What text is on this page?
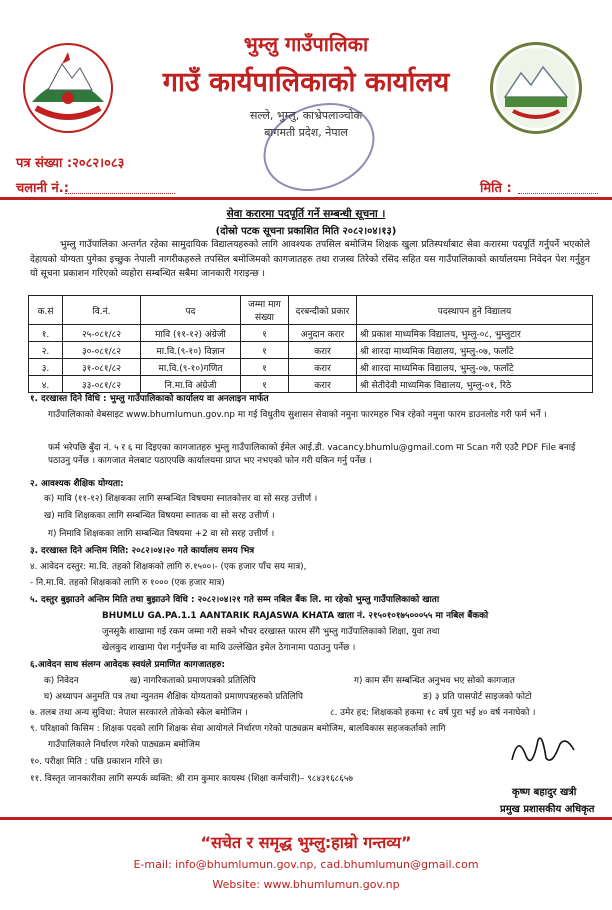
भुम्लु गाउँपालिका
गाउँ कार्यपालिकाको कार्यालय
सल्ले, भुम्लु, काभ्रेपलाञ्चोक
बागमती प्रदेश, नेपाल
पत्र संख्या :२०८२।०८३
चलानी नं.:	मिति :
सेवा करारमा पदपूर्ति गर्ने सम्बन्धी सूचना ।
(दोस्रो पटक सूचना प्रकाशित मिति २०८२।०४।१३)
भुम्लु गाउँपालिका अन्तर्गत रहेका सामुदायिक विद्यालयहरुको लागि आवश्यक तपसिल बमोजिम शिक्षक खुला प्रतिस्पर्धाबाट सेवा करारमा पदपूर्ति गर्नुपर्ने भएकोले देहायको योग्यता पुगेका इच्छुक नेपाली नागरीकहरुले तपसिल बमोजिमको कागजातहरु तथा राजस्व तिरेको रसिद सहित यस गाउँपालिकाको कार्यालयमा निवेदन पेश गर्नुहुन यो सूचना प्रकाशन गरिएको व्यहोरा सम्बन्धित सबैमा जानकारी गराइन्छ ।
क.सं	वि.नं.	पद	जम्मा माग संख्या	दरबन्दीको प्रकार	पदस्थापन हुने विद्यालय
१.	२५-०८१/८२	मावि (११-१२) अंग्रेजी	१	अनुदान करार	श्री प्रकाश माध्यमिक विद्यालय, भुम्लु-०८, भुम्लुटार
२.	३०-०८१/८२	मा.वि.(९-१०) विज्ञान	१	करार	श्री शारदा माध्यमिक विद्यालय, भुम्लु-०७, फलाँटे
३.	३१-०८१/८२	मा.वि.(९-१०)गणित	१	करार	श्री शारदा माध्यमिक विद्यालय, भुम्लु-०७, फलाँटे
४.	३३-०८१/८२	नि.मा.वि अंग्रेजी	१	करार	श्री सेतीदेवी माध्यमिक विद्यालय, भुम्लु-०१, रिठे
१. दरखास्त दिने विधि : भुम्लु गाउँपालिकाको कार्यालय वा अनलाइन मार्फत
गाउँपालिकाको वेबसाइट www.bhumlumun.gov.np मा गई विधुतीय सुशासन सेवाको नमुना फारमहरु भित्र रहेको नमुना फारम डाउनलोड गरी फर्म भर्ने ।
फर्म भरेपछि बुँदा नं. ५ र ६ मा दिइएका कागजातहरु भुम्लु गाउँपालिकाको ईमेल आई.डी. vacancy.bhumlu@gmail.com मा Scan गरी एउटै PDF File बनाई पठाउनु पर्नेछ । कागजात मेलबाट पठाएपछि कार्यालयमा प्राप्त भए नभएको फोन गरी यकिन गर्नु पर्नेछ ।
२. आवश्यक शैक्षिक योग्यता:
क) मावि (११-१२) शिक्षकका लागि सम्बन्धित विषयमा स्नातकोत्तर वा सो सरह उत्तीर्ण ।
ख) मावि शिक्षकका लागि सम्बन्धित विषयमा स्नातक वा सो सरह उत्तीर्ण ।
ग) निमावि शिक्षकका लागि सम्बन्धित विषयमा +2 वा सो सरह उत्तीर्ण ।
३. दरखास्त दिने अन्तिम मिति: २०८२।०४।२० गते कार्यालय समय भित्र
४. आवेदन दस्तुर: मा.वि. तहको शिक्षकको लागि रु.१५००।- (एक हजार पाँच सय मात्र),
- नि.मा.वि. तहको शिक्षकको लागि रु १००० (एक हजार मात्र)
५. दस्तुर बुझाउने अन्तिम मिति तथा बुझाउने विधि : २०८२।०४।२१ गते सम्म नबिल बैंक लि. मा रहेको भुम्लु गाउँपालिकाको खाता
BHUMLU GA.PA.1.1 AANTARIK RAJASWA KHATA खाता नं. २१५०१०१७५०००५५ मा नबिल बैंकको
जुनसुकै शाखामा गई रकम जम्मा गरी सक्ने भौचर दरखास्त फारम सँगै भुम्लु गाउँपालिकाको शिक्षा, युवा तथा
खेलकुद शाखामा पेश गर्नुपर्नेछ वा माथि उल्लेखित इमेल ठेगानामा पठाउनु पर्नेछ ।
६.आवेदन साथ संलग्न आवेदक स्वयंले प्रमाणित कागजातहरु:
क) निवेदन	ख) नागरिकताको प्रमाणपत्रको प्रतिलिपि	ग) काम सँग सम्बन्धित अनुभव भए सोको कागजात
घ) अध्यापन अनुमति पत्र तथा न्युनतम शैक्षिक योग्यताको प्रमाणपत्रहरुको प्रतिलिपि	ङ) ३ प्रति पासपोर्ट साइजको फोटो
७. तलब तथा अन्य सुविधा: नेपाल सरकारले तोकेको स्केल बमोजिम ।	८. उमेर हद: शिक्षकको हकमा १८ वर्ष पुरा भई ४० वर्ष ननाघेको ।
९. परिक्षाको किसिम : शिक्षक पदको लागि शिक्षक सेवा आयोगले निर्धारण गरेको पाठ्यक्रम बमोजिम, बालविकास सहजकर्ताको लागि
गाउँपालिकाले निर्धारण गरेको पाठ्यक्रम बमोजिम
१०. परीक्षा मिति : पछि प्रकाशन गरिने छ।
११. विस्तृत जानकारीका लागि सम्पर्क व्यक्ति: श्री राम कुमार कायस्थ (शिक्षा कर्मचारी)– ९८४३१६८६५७
कृष्ण बहादुर खत्री
प्रमुख प्रशासकीय अधिकृत
“सचेत र समृद्ध भुम्लु:हाम्रो गन्तव्य”
E-mail: info@bhumlumun.gov.np, cad.bhumlumun@gmail.com
Website: www.bhumlumun.gov.np
